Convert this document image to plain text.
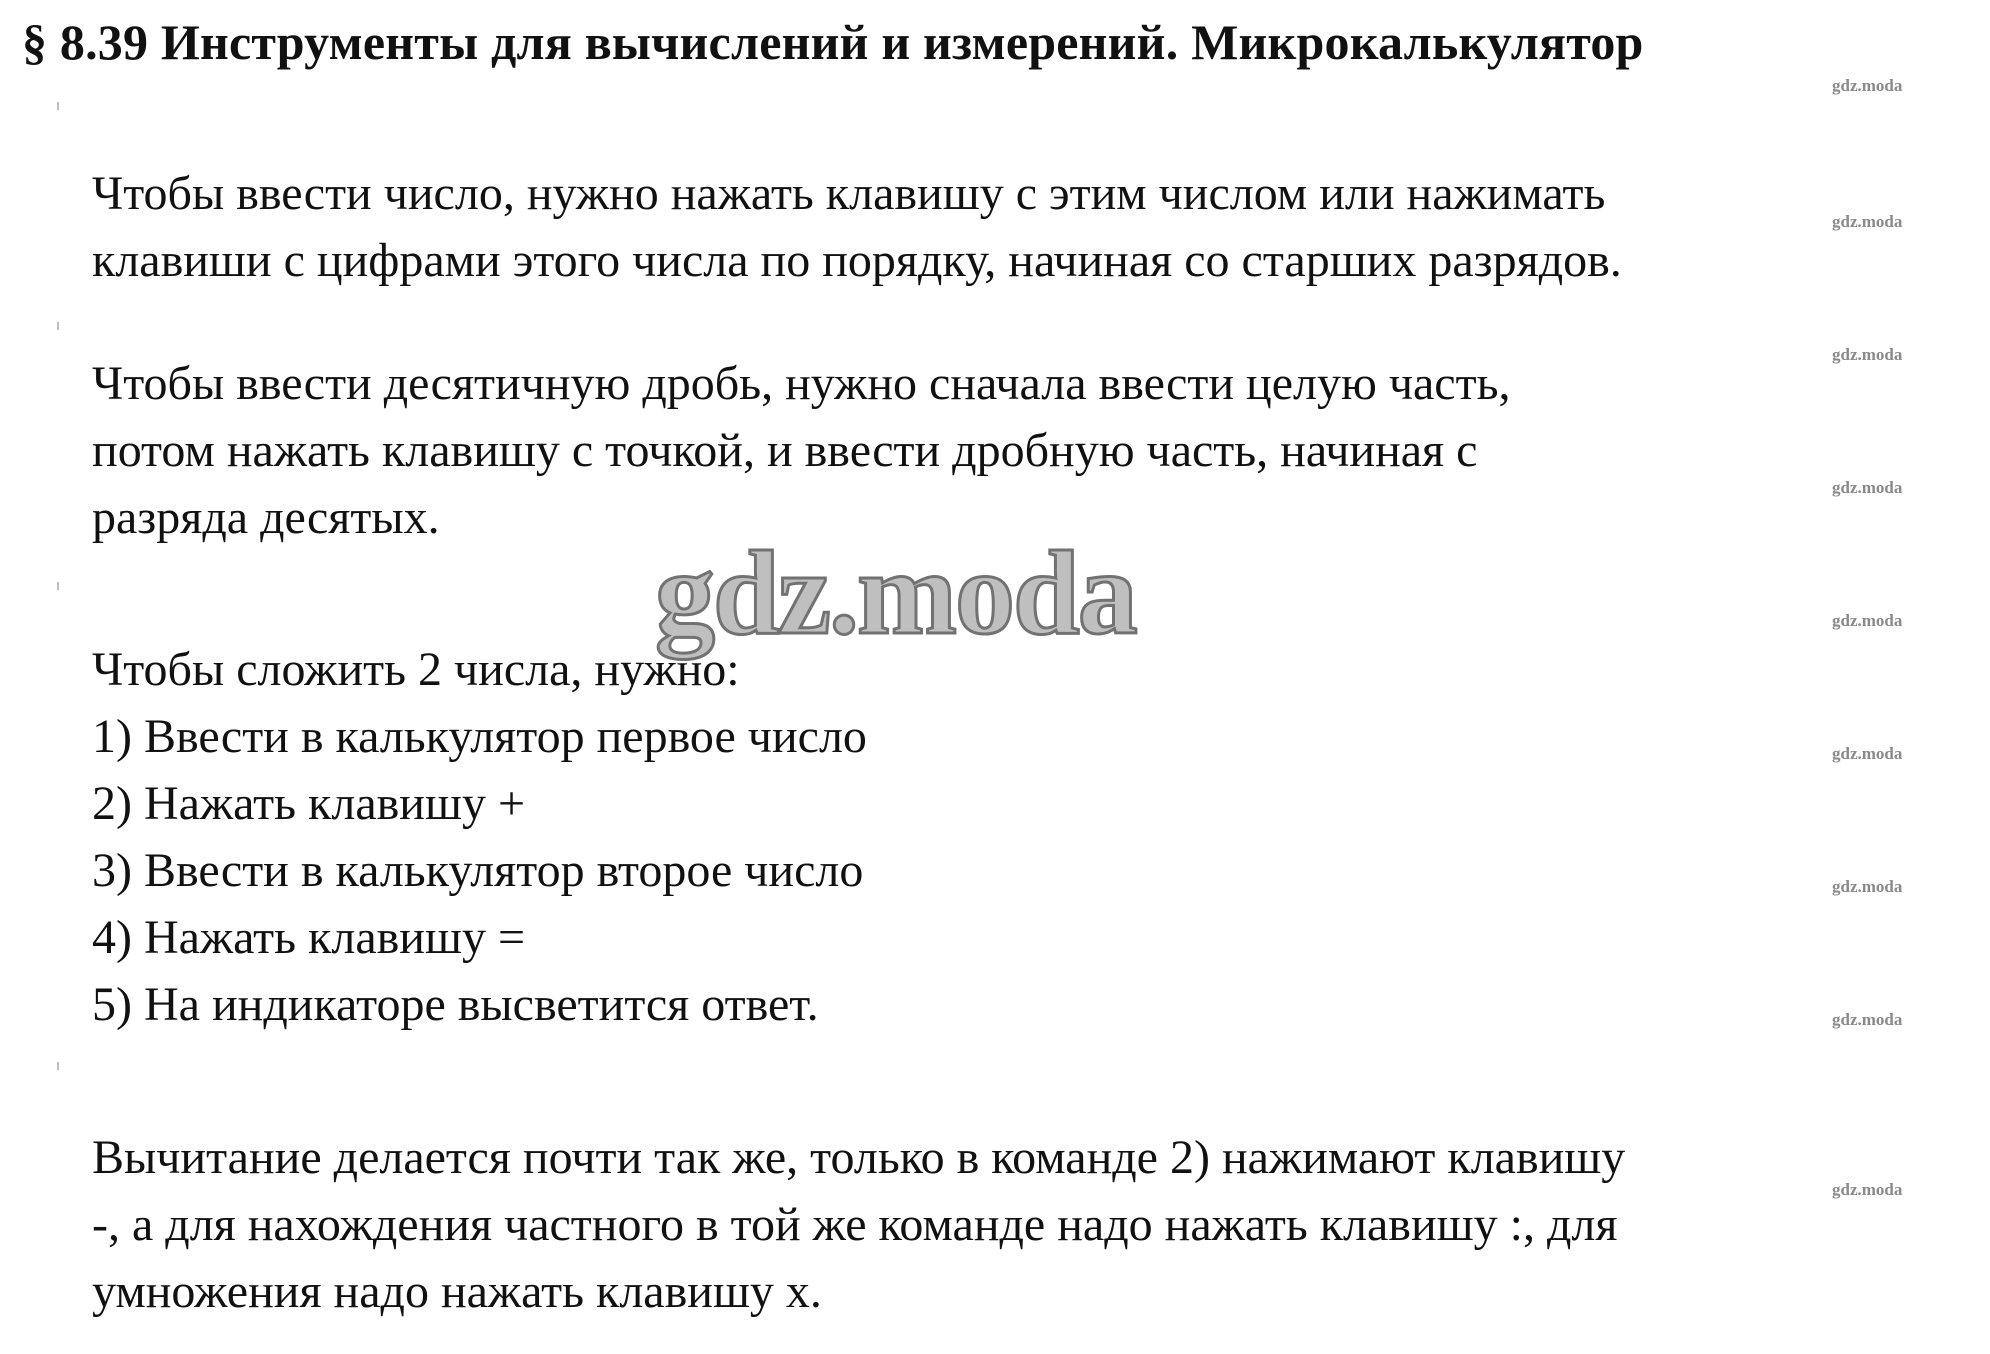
§ 8.39 Инструменты для вычислений и измерений. Микрокалькулятор
Чтобы ввести число, нужно нажать клавишу с этим числом или нажимать
клавиши с цифрами этого числа по порядку, начиная со старших разрядов.
Чтобы ввести десятичную дробь, нужно сначала ввести целую часть,
потом нажать клавишу с точкой, и ввести дробную часть, начиная с
разряда десятых.
Чтобы сложить 2 числа, нужно:
1) Ввести в калькулятор первое число
2) Нажать клавишу +
3) Ввести в калькулятор второе число
4) Нажать клавишу =
5) На индикаторе высветится ответ.
Вычитание делается почти так же, только в команде 2) нажимают клавишу
-, а для нахождения частного в той же команде надо нажать клавишу :, для
умножения надо нажать клавишу х.
gdz.moda
gdz.moda
gdz.moda
gdz.moda
gdz.moda
gdz.moda
gdz.moda
gdz.moda
gdz.moda
gdz.moda
